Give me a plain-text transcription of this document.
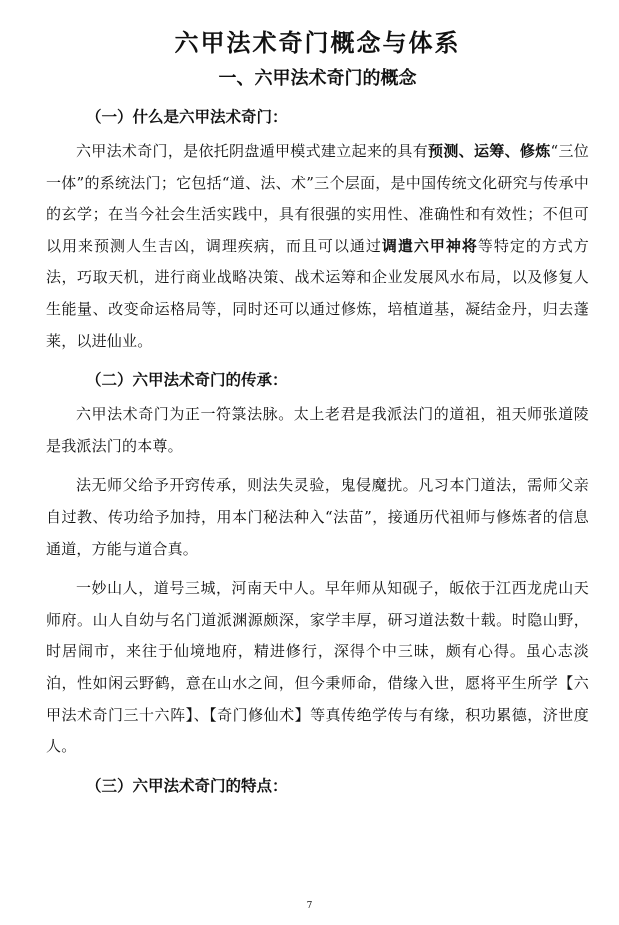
六甲法术奇门概念与体系
一、六甲法术奇门的概念
（一）什么是六甲法术奇门：

六甲法术奇门，是依托阴盘遁甲模式建立起来的具有预测、运筹、修炼“三位一体”的系统法门；它包括“道、法、术”三个层面，是中国传统文化研究与传承中的玄学；在当今社会生活实践中，具有很强的实用性、准确性和有效性；不但可以用来预测人生吉凶，调理疾病，而且可以通过调遣六甲神将等特定的方式方法，巧取天机，进行商业战略决策、战术运筹和企业发展风水布局，以及修复人生能量、改变命运格局等，同时还可以通过修炼，培植道基，凝结金丹，归去蓬莱，以进仙业。

（二）六甲法术奇门的传承：

六甲法术奇门为正一符箓法脉。太上老君是我派法门的道祖，祖天师张道陵是我派法门的本尊。

法无师父给予开窍传承，则法失灵验，鬼侵魔扰。凡习本门道法，需师父亲自过教、传功给予加持，用本门秘法种入“法苗”，接通历代祖师与修炼者的信息通道，方能与道合真。

一妙山人，道号三城，河南天中人。早年师从知砚子，皈依于江西龙虎山天师府。山人自幼与名门道派渊源颇深，家学丰厚，研习道法数十载。时隐山野，时居闹市，来往于仙境地府，精进修行，深得个中三昧，颇有心得。虽心志淡泊，性如闲云野鹤，意在山水之间，但今秉师命，借缘入世，愿将平生所学【六甲法术奇门三十六阵】、【奇门修仙术】等真传绝学传与有缘，积功累德，济世度人。

（三）六甲法术奇门的特点：
7
